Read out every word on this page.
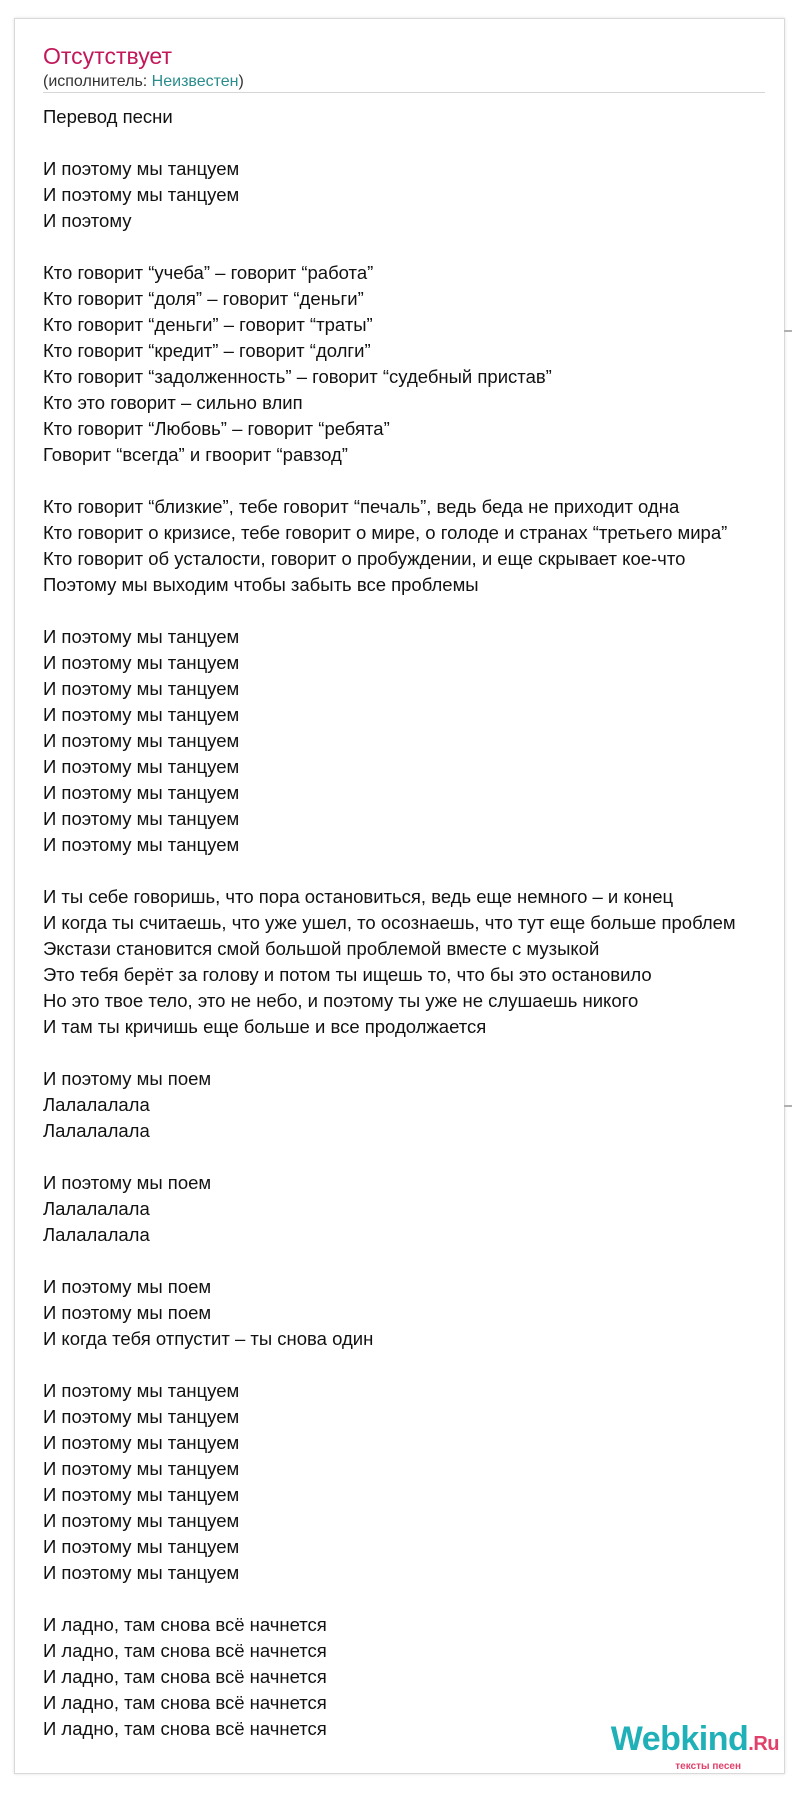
Отсутствует
(исполнитель: Неизвестен)
Перевод песни
И поэтому мы танцуем
И поэтому мы танцуем
И поэтому
Кто говорит “учеба” – говорит “работа”
Кто говорит “доля” – говорит “деньги”
Кто говорит “деньги” – говорит “траты”
Кто говорит “кредит” – говорит “долги”
Кто говорит “задолженность” – говорит “судебный пристав”
Кто это говорит – сильно влип
Кто говорит “Любовь” – говорит “ребята”
Говорит “всегда” и гвоорит “равзод”
Кто говорит “близкие”, тебе говорит “печаль”, ведь беда не приходит одна
Кто говорит о кризисе, тебе говорит о мире, о голоде и странах “третьего мира”
Кто говорит об усталости, говорит о пробуждении, и еще скрывает кое-что
Поэтому мы выходим чтобы забыть все проблемы
И поэтому мы танцуем
И поэтому мы танцуем
И поэтому мы танцуем
И поэтому мы танцуем
И поэтому мы танцуем
И поэтому мы танцуем
И поэтому мы танцуем
И поэтому мы танцуем
И поэтому мы танцуем
И ты себе говоришь, что пора остановиться, ведь еще немного – и конец
И когда ты считаешь, что уже ушел, то осознаешь, что тут еще больше проблем
Экстази становится смой большой проблемой вместе с музыкой
Это тебя берёт за голову и потом ты ищешь то, что бы это остановило
Но это твое тело, это не небо, и поэтому ты уже не слушаешь никого
И там ты кричишь еще больше и все продолжается
И поэтому мы поем
Лалалалала
Лалалалала
И поэтому мы поем
Лалалалала
Лалалалала
И поэтому мы поем
И поэтому мы поем
И когда тебя отпустит – ты снова один
И поэтому мы танцуем
И поэтому мы танцуем
И поэтому мы танцуем
И поэтому мы танцуем
И поэтому мы танцуем
И поэтому мы танцуем
И поэтому мы танцуем
И поэтому мы танцуем
И ладно, там снова всё начнется
И ладно, там снова всё начнется
И ладно, там снова всё начнется
И ладно, там снова всё начнется
И ладно, там снова всё начнется	Webkind.Ru
тексты песен
